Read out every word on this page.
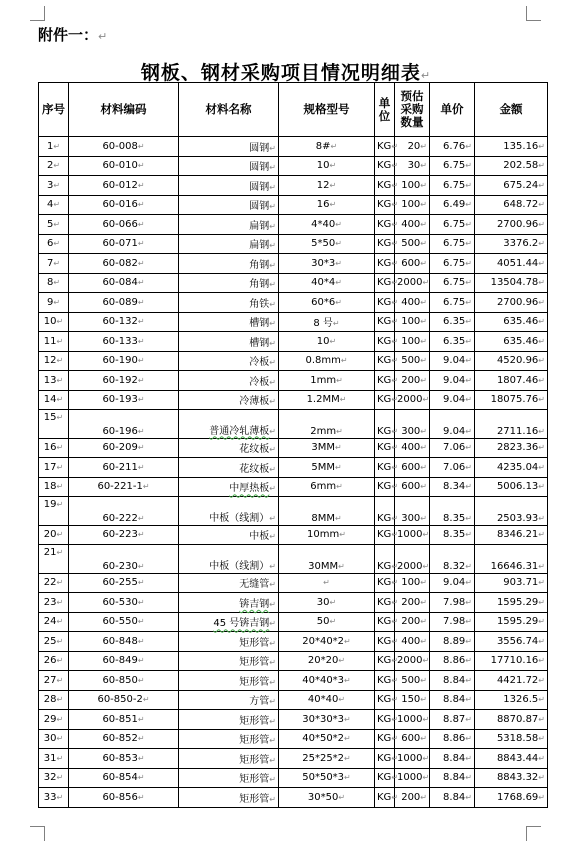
附件一：↵
钢板、钢材采购项目情况明细表↵
序号	材料编码	材料名称	规格型号	单位	预估采购数量	单价	金额
1↵	60-008↵	圆钢↵	8#↵	KG↵	20↵	6.76↵	135.16↵
2↵	60-010↵	圆钢↵	10↵	KG↵	30↵	6.75↵	202.58↵
3↵	60-012↵	圆钢↵	12↵	KG↵	100↵	6.75↵	675.24↵
4↵	60-016↵	圆钢↵	16↵	KG↵	100↵	6.49↵	648.72↵
5↵	60-066↵	扁钢↵	4*40↵	KG↵	400↵	6.75↵	2700.96↵
6↵	60-071↵	扁钢↵	5*50↵	KG↵	500↵	6.75↵	3376.2↵
7↵	60-082↵	角钢↵	30*3↵	KG↵	600↵	6.75↵	4051.44↵
8↵	60-084↵	角钢↵	40*4↵	KG↵	2000↵	6.75↵	13504.78↵
9↵	60-089↵	角铁↵	60*6↵	KG↵	400↵	6.75↵	2700.96↵
10↵	60-132↵	槽钢↵	8 号↵	KG↵	100↵	6.35↵	635.46↵
11↵	60-133↵	槽钢↵	10↵	KG↵	100↵	6.35↵	635.46↵
12↵	60-190↵	冷板↵	0.8mm↵	KG↵	500↵	9.04↵	4520.96↵
13↵	60-192↵	冷板↵	1mm↵	KG↵	200↵	9.04↵	1807.46↵
14↵	60-193↵	冷薄板↵	1.2MM↵	KG↵	2000↵	9.04↵	18075.76↵
15↵	60-196↵	普通冷轧薄板↵	2mm↵	KG↵	300↵	9.04↵	2711.16↵
16↵	60-209↵	花纹板↵	3MM↵	KG↵	400↵	7.06↵	2823.36↵
17↵	60-211↵	花纹板↵	5MM↵	KG↵	600↵	7.06↵	4235.04↵
18↵	60-221-1↵	中厚热板↵	6mm↵	KG↵	600↵	8.34↵	5006.13↵
19↵	60-222↵	中板（线割）↵	8MM↵	KG↵	300↵	8.35↵	2503.93↵
20↵	60-223↵	中板↵	10mm↵	KG↵	1000↵	8.35↵	8346.21↵
21↵	60-230↵	中板（线割）↵	30MM↵	KG↵	2000↵	8.32↵	16646.31↵
22↵	60-255↵	无缝管↵	↵	KG↵	100↵	9.04↵	903.71↵
23↵	60-530↵	锛吉钢↵	30↵	KG↵	200↵	7.98↵	1595.29↵
24↵	60-550↵	45 号锛吉钢↵	50↵	KG↵	200↵	7.98↵	1595.29↵
25↵	60-848↵	矩形管↵	20*40*2↵	KG↵	400↵	8.89↵	3556.74↵
26↵	60-849↵	矩形管↵	20*20↵	KG↵	2000↵	8.86↵	17710.16↵
27↵	60-850↵	矩形管↵	40*40*3↵	KG↵	500↵	8.84↵	4421.72↵
28↵	60-850-2↵	方管↵	40*40↵	KG↵	150↵	8.84↵	1326.5↵
29↵	60-851↵	矩形管↵	30*30*3↵	KG↵	1000↵	8.87↵	8870.87↵
30↵	60-852↵	矩形管↵	40*50*2↵	KG↵	600↵	8.86↵	5318.58↵
31↵	60-853↵	矩形管↵	25*25*2↵	KG↵	1000↵	8.84↵	8843.44↵
32↵	60-854↵	矩形管↵	50*50*3↵	KG↵	1000↵	8.84↵	8843.32↵
33↵	60-856↵	矩形管↵	30*50↵	KG↵	200↵	8.84↵	1768.69↵
